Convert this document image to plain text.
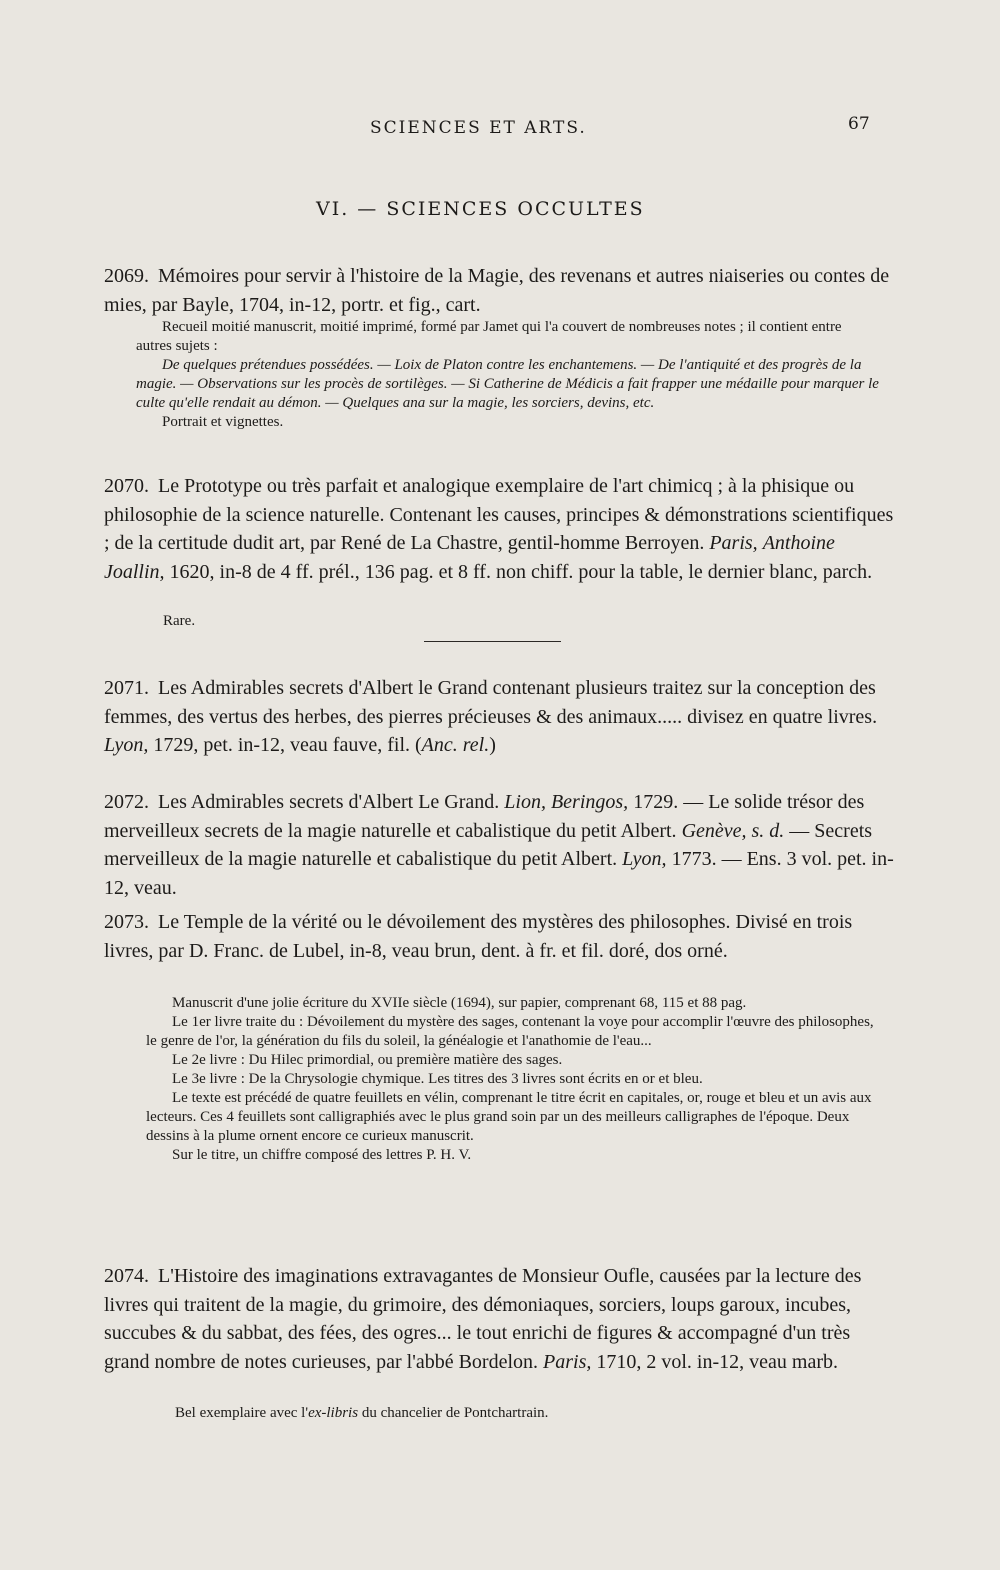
SCIENCES ET ARTS.	67
VI. — SCIENCES OCCULTES
2069. Mémoires pour servir à l'histoire de la Magie, des revenans et autres niaiseries ou contes de mies, par Bayle, 1704, in-12, portr. et fig., cart.

Recueil moitié manuscrit, moitié imprimé, formé par Jamet qui l'a couvert de nombreuses notes ; il contient entre autres sujets :

De quelques prétendues possédées. — Loix de Platon contre les enchantemens. — De l'antiquité et des progrès de la magie. — Observations sur les procès de sortilèges. — Si Catherine de Médicis a fait frapper une médaille pour marquer le culte qu'elle rendait au démon. — Quelques ana sur la magie, les sorciers, devins, etc.

Portrait et vignettes.

2070. Le Prototype ou très parfait et analogique exemplaire de l'art chimicq ; à la phisique ou philosophie de la science naturelle. Contenant les causes, principes & démonstrations scientifiques ; de la certitude dudit art, par René de La Chastre, gentil-homme Berroyen. Paris, Anthoine Joallin, 1620, in-8 de 4 ff. prél., 136 pag. et 8 ff. non chiff. pour la table, le dernier blanc, parch.
Rare.
2071. Les Admirables secrets d'Albert le Grand contenant plusieurs traitez sur la conception des femmes, des vertus des herbes, des pierres précieuses & des animaux..... divisez en quatre livres. Lyon, 1729, pet. in-12, veau fauve, fil. (Anc. rel.)
2072. Les Admirables secrets d'Albert Le Grand. Lion, Beringos, 1729. — Le solide trésor des merveilleux secrets de la magie naturelle et cabalistique du petit Albert. Genève, s. d. — Secrets merveilleux de la magie naturelle et cabalistique du petit Albert. Lyon, 1773. — Ens. 3 vol. pet. in-12, veau.
2073. Le Temple de la vérité ou le dévoilement des mystères des philosophes. Divisé en trois livres, par D. Franc. de Lubel, in-8, veau brun, dent. à fr. et fil. doré, dos orné.

Manuscrit d'une jolie écriture du XVIIe siècle (1694), sur papier, comprenant 68, 115 et 88 pag.

Le 1er livre traite du : Dévoilement du mystère des sages, contenant la voye pour accomplir l'œuvre des philosophes, le genre de l'or, la génération du fils du soleil, la généalogie et l'anathomie de l'eau...

Le 2e livre : Du Hilec primordial, ou première matière des sages.

Le 3e livre : De la Chrysologie chymique. Les titres des 3 livres sont écrits en or et bleu.

Le texte est précédé de quatre feuillets en vélin, comprenant le titre écrit en capitales, or, rouge et bleu et un avis aux lecteurs. Ces 4 feuillets sont calligraphiés avec le plus grand soin par un des meilleurs calligraphes de l'époque. Deux dessins à la plume ornent encore ce curieux manuscrit.

Sur le titre, un chiffre composé des lettres P. H. V.

2074. L'Histoire des imaginations extravagantes de Monsieur Oufle, causées par la lecture des livres qui traitent de la magie, du grimoire, des démoniaques, sorciers, loups garoux, incubes, succubes & du sabbat, des fées, des ogres... le tout enrichi de figures & accompagné d'un très grand nombre de notes curieuses, par l'abbé Bordelon. Paris, 1710, 2 vol. in-12, veau marb.
Bel exemplaire avec l'ex-libris du chancelier de Pontchartrain.
